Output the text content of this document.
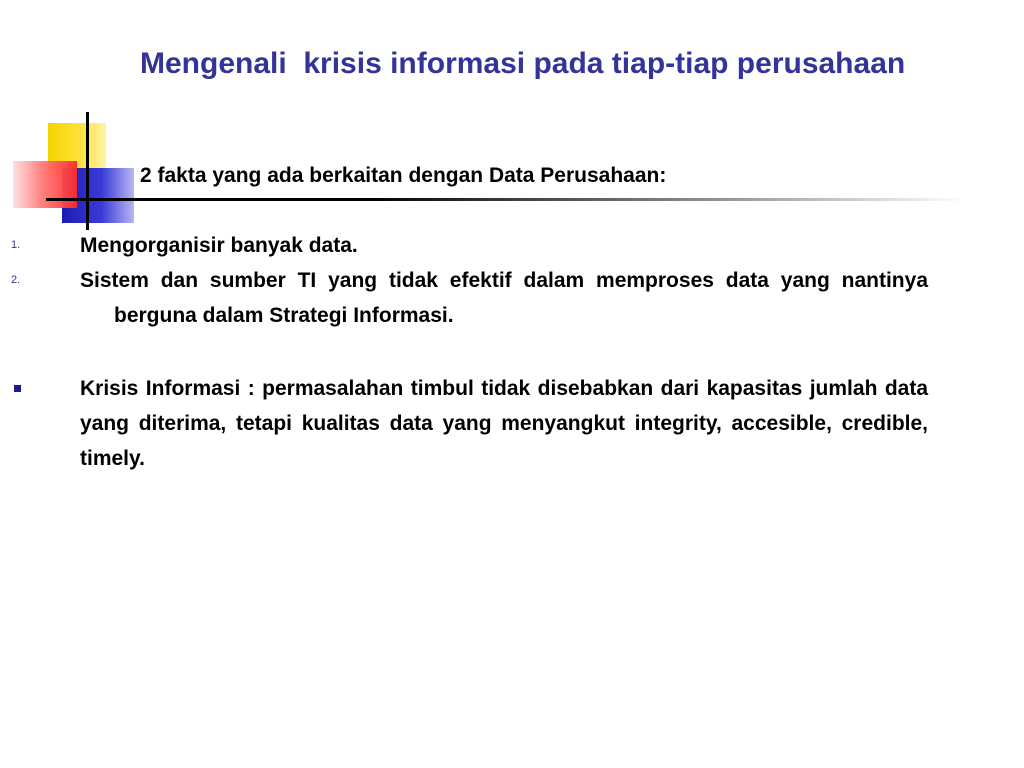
Mengenali  krisis informasi pada tiap-tiap perusahaan
2 fakta yang ada berkaitan dengan Data Perusahaan:
1.	Mengorganisir banyak data.
2.	Sistem dan sumber TI yang tidak efektif dalam memproses data yang nantinya berguna dalam Strategi Informasi.
Krisis Informasi : permasalahan timbul tidak disebabkan dari kapasitas jumlah data yang diterima, tetapi kualitas data yang menyangkut integrity, accesible, credible, timely.
